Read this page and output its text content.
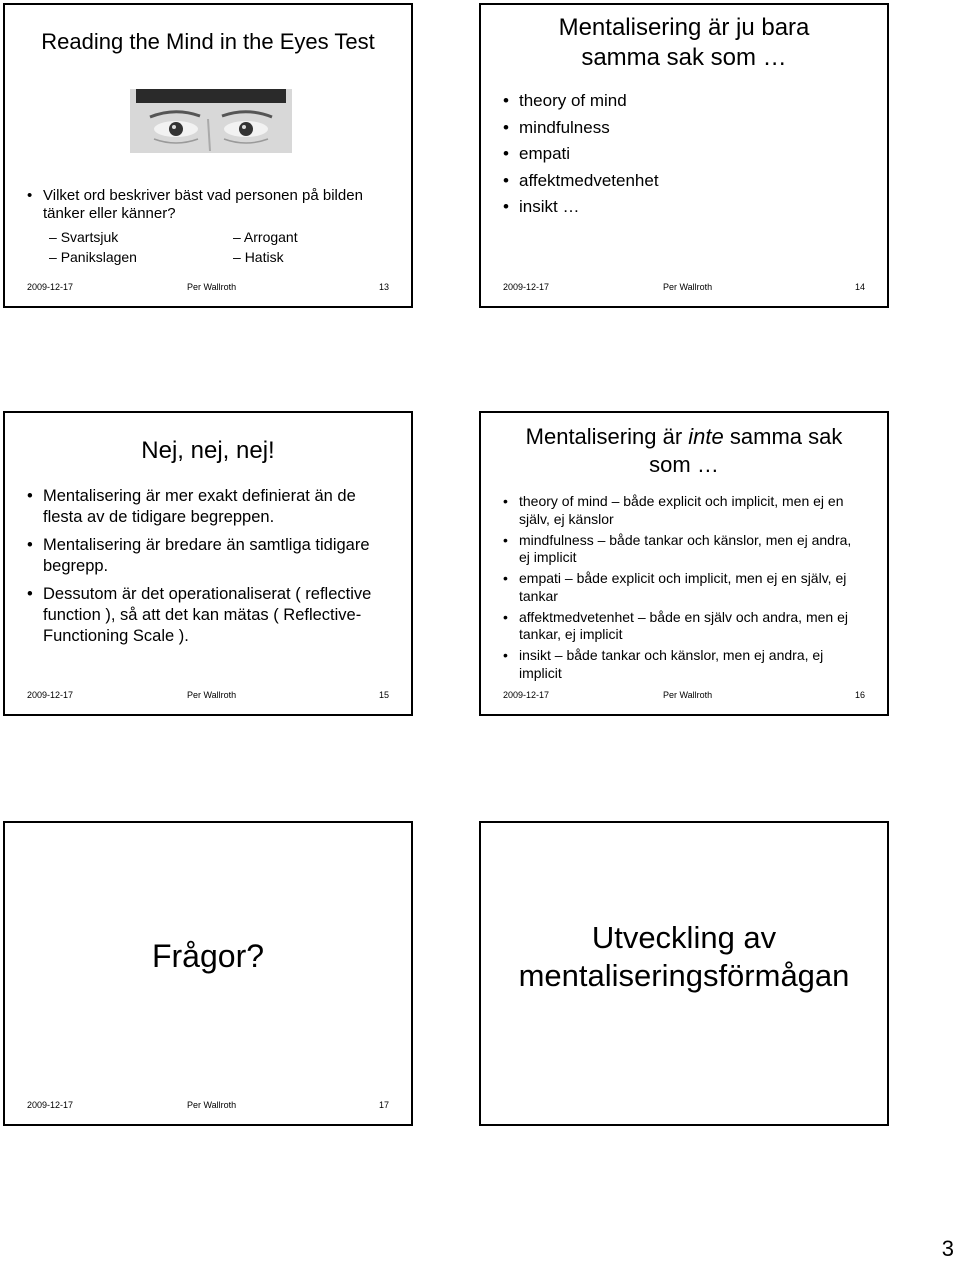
Reading the Mind in the Eyes Test
• Vilket ord beskriver bäst vad personen på bilden tänker eller känner?
– Svartsjuk	– Arrogant
– Panikslagen	– Hatisk
2009-12-17	Per Wallroth	13
Mentalisering är ju bara samma sak som …
• theory of mind
• mindfulness
• empati
• affektmedvetenhet
• insikt …
2009-12-17	Per Wallroth	14
Nej, nej, nej!
• Mentalisering är mer exakt definierat än de flesta av de tidigare begreppen.
• Mentalisering är bredare än samtliga tidigare begrepp.
• Dessutom är det operationaliserat ( reflective function ), så att det kan mätas ( Reflective-Functioning Scale ).
2009-12-17	Per Wallroth	15
Mentalisering är inte samma sak som …
• theory of mind – både explicit och implicit, men ej en själv, ej känslor
• mindfulness – både tankar och känslor, men ej andra, ej implicit
• empati – både explicit och implicit, men ej en själv, ej tankar
• affektmedvetenhet – både en själv och andra, men ej tankar, ej implicit
• insikt – både tankar och känslor, men ej andra, ej implicit
2009-12-17	Per Wallroth	16
Frågor?
2009-12-17	Per Wallroth	17
Utveckling av mentaliseringsförmågan
3
